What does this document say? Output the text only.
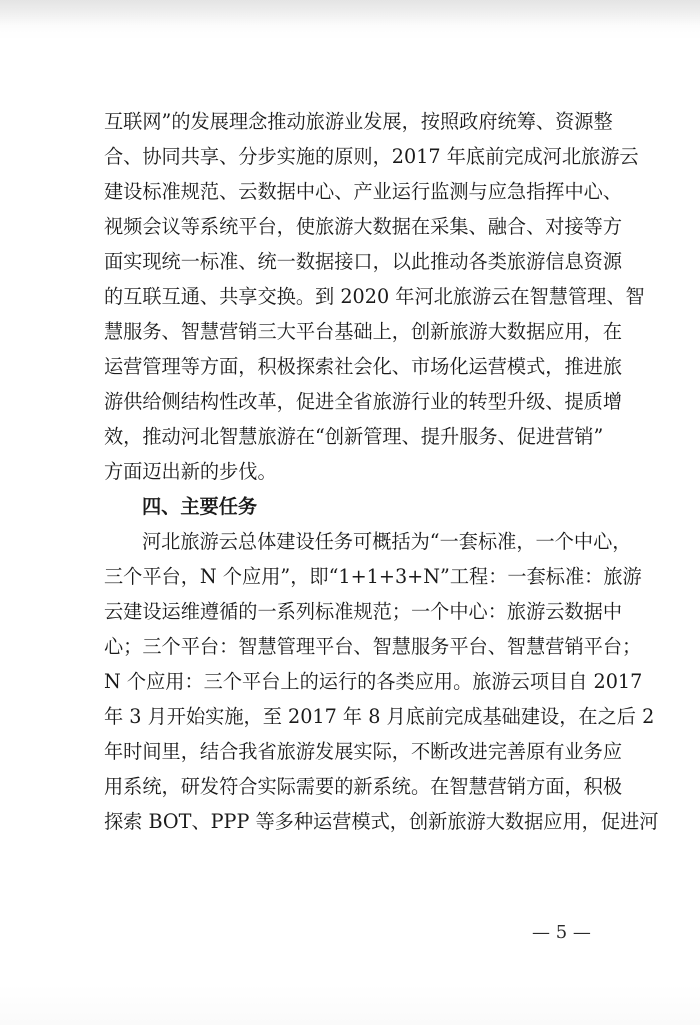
互联网”的发展理念推动旅游业发展，按照政府统筹、资源整
合、协同共享、分步实施的原则，2017 年底前完成河北旅游云
建设标准规范、云数据中心、产业运行监测与应急指挥中心、
视频会议等系统平台，使旅游大数据在采集、融合、对接等方
面实现统一标准、统一数据接口，以此推动各类旅游信息资源
的互联互通、共享交换。到 2020 年河北旅游云在智慧管理、智
慧服务、智慧营销三大平台基础上，创新旅游大数据应用，在
运营管理等方面，积极探索社会化、市场化运营模式，推进旅
游供给侧结构性改革，促进全省旅游行业的转型升级、提质增
效，推动河北智慧旅游在“创新管理、提升服务、促进营销”
方面迈出新的步伐。
四、主要任务
河北旅游云总体建设任务可概括为“一套标准，一个中心，
三个平台，N 个应用”，即“1+1+3+N”工程：一套标准：旅游
云建设运维遵循的一系列标准规范；一个中心：旅游云数据中
心；三个平台：智慧管理平台、智慧服务平台、智慧营销平台；
N 个应用：三个平台上的运行的各类应用。旅游云项目自 2017
年 3 月开始实施，至 2017 年 8 月底前完成基础建设，在之后 2
年时间里，结合我省旅游发展实际，不断改进完善原有业务应
用系统，研发符合实际需要的新系统。在智慧营销方面，积极
探索 BOT、PPP 等多种运营模式，创新旅游大数据应用，促进河
— 5 —
